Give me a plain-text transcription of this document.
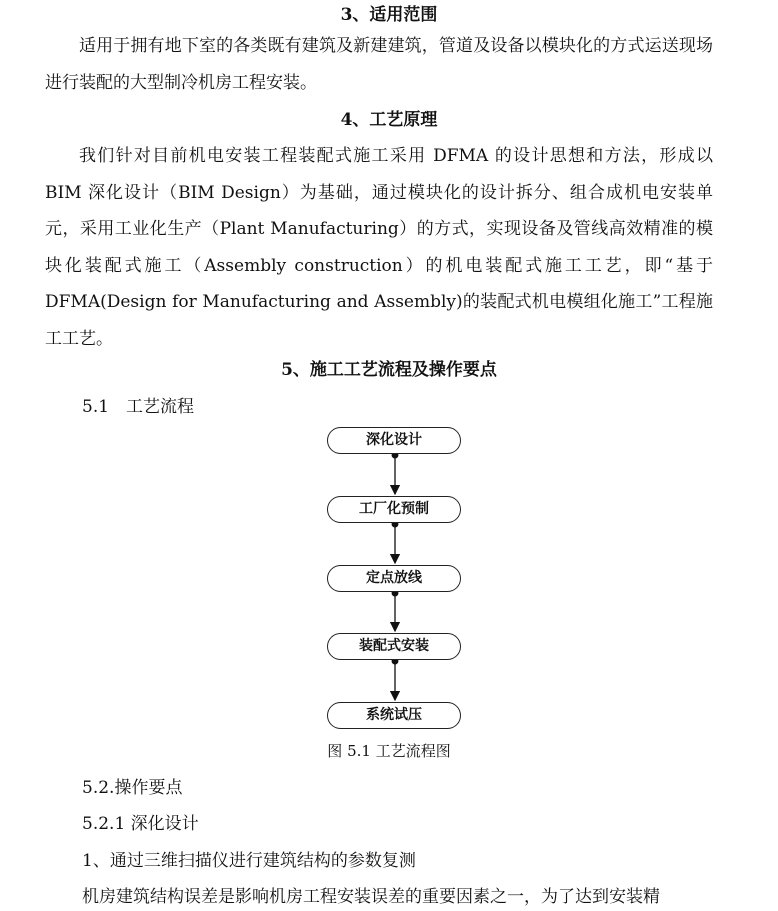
3、适用范围

适用于拥有地下室的各类既有建筑及新建建筑，管道及设备以模块化的方式运送现场进行装配的大型制冷机房工程安装。

4、工艺原理

我们针对目前机电安装工程装配式施工采用 DFMA 的设计思想和方法，形成以 BIM 深化设计（BIM Design）为基础，通过模块化的设计拆分、组合成机电安装单元，采用工业化生产（Plant Manufacturing）的方式，实现设备及管线高效精准的模块化装配式施工（Assembly construction）的机电装配式施工工艺，即“基于 DFMA(Design for Manufacturing and Assembly)的装配式机电模组化施工”工程施工工艺。

5、施工工艺流程及操作要点

5.1　工艺流程

深化设计
工厂化预制
定点放线
装配式安装
系统试压

图 5.1 工艺流程图

5.2.操作要点

5.2.1 深化设计

1、通过三维扫描仪进行建筑结构的参数复测

机房建筑结构误差是影响机房工程安装误差的重要因素之一，为了达到安装精
